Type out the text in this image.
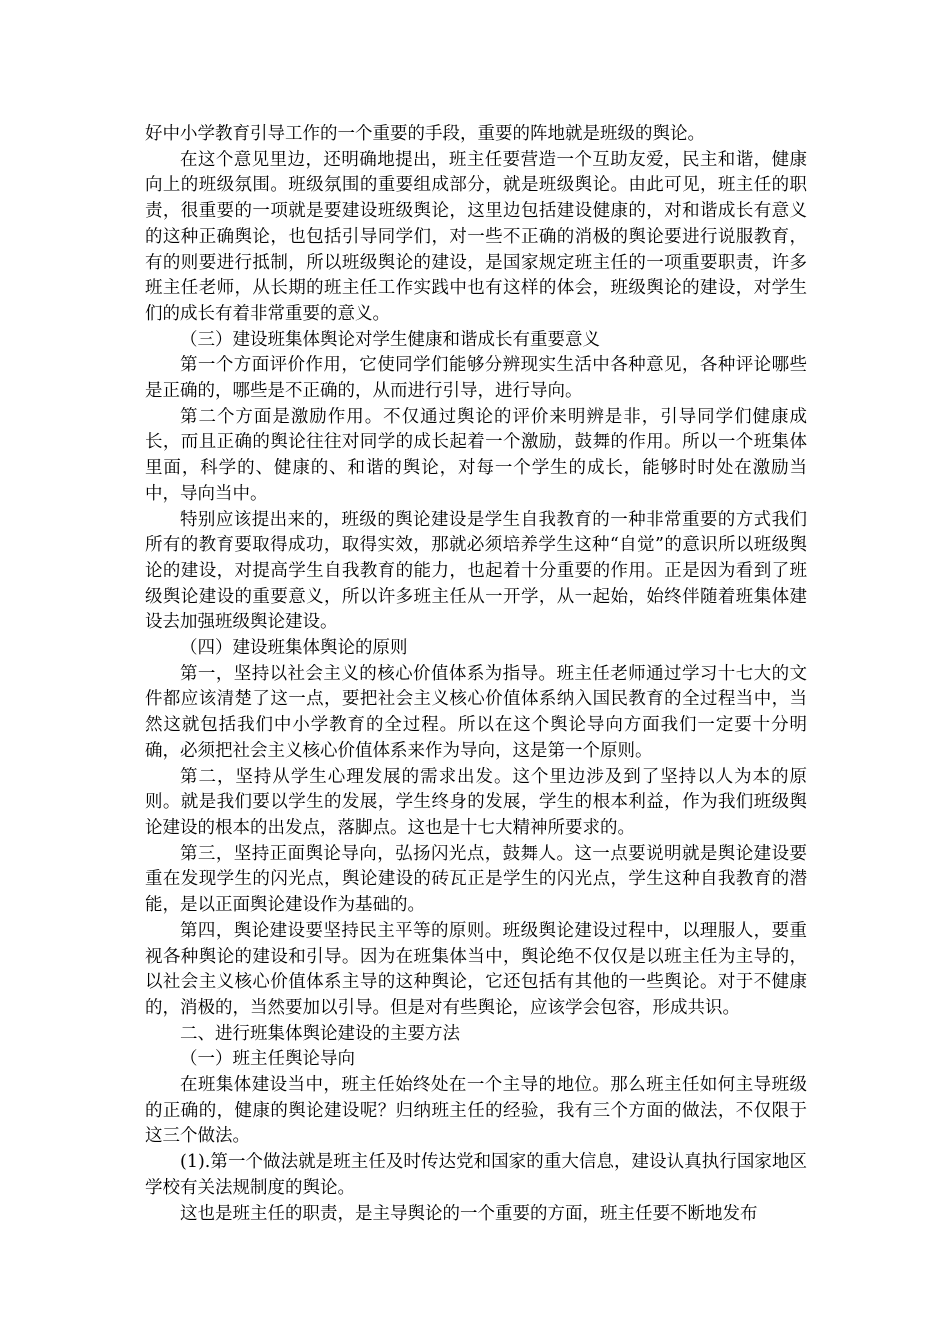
好中小学教育引导工作的一个重要的手段，重要的阵地就是班级的舆论。

在这个意见里边，还明确地提出，班主任要营造一个互助友爱，民主和谐，健康向上的班级氛围。班级氛围的重要组成部分，就是班级舆论。由此可见，班主任的职责，很重要的一项就是要建设班级舆论，这里边包括建设健康的，对和谐成长有意义的这种正确舆论，也包括引导同学们，对一些不正确的消极的舆论要进行说服教育，有的则要进行抵制，所以班级舆论的建设，是国家规定班主任的一项重要职责，许多班主任老师，从长期的班主任工作实践中也有这样的体会，班级舆论的建设，对学生们的成长有着非常重要的意义。

（三）建设班集体舆论对学生健康和谐成长有重要意义

第一个方面评价作用，它使同学们能够分辨现实生活中各种意见，各种评论哪些是正确的，哪些是不正确的，从而进行引导，进行导向。

第二个方面是激励作用。不仅通过舆论的评价来明辨是非，引导同学们健康成长，而且正确的舆论往往对同学的成长起着一个激励，鼓舞的作用。所以一个班集体里面，科学的、健康的、和谐的舆论，对每一个学生的成长，能够时时处在激励当中，导向当中。

特别应该提出来的，班级的舆论建设是学生自我教育的一种非常重要的方式我们所有的教育要取得成功，取得实效，那就必须培养学生这种“自觉”的意识所以班级舆论的建设，对提高学生自我教育的能力，也起着十分重要的作用。正是因为看到了班级舆论建设的重要意义，所以许多班主任从一开学，从一起始，始终伴随着班集体建设去加强班级舆论建设。

（四）建设班集体舆论的原则

第一，坚持以社会主义的核心价值体系为指导。班主任老师通过学习十七大的文件都应该清楚了这一点，要把社会主义核心价值体系纳入国民教育的全过程当中，当然这就包括我们中小学教育的全过程。所以在这个舆论导向方面我们一定要十分明确，必须把社会主义核心价值体系来作为导向，这是第一个原则。

第二，坚持从学生心理发展的需求出发。这个里边涉及到了坚持以人为本的原则。就是我们要以学生的发展，学生终身的发展，学生的根本利益，作为我们班级舆论建设的根本的出发点，落脚点。这也是十七大精神所要求的。

第三，坚持正面舆论导向，弘扬闪光点，鼓舞人。这一点要说明就是舆论建设要重在发现学生的闪光点，舆论建设的砖瓦正是学生的闪光点，学生这种自我教育的潜能，是以正面舆论建设作为基础的。

第四，舆论建设要坚持民主平等的原则。班级舆论建设过程中，以理服人，要重视各种舆论的建设和引导。因为在班集体当中，舆论绝不仅仅是以班主任为主导的，以社会主义核心价值体系主导的这种舆论，它还包括有其他的一些舆论。对于不健康的，消极的，当然要加以引导。但是对有些舆论，应该学会包容，形成共识。

二、进行班集体舆论建设的主要方法

（一）班主任舆论导向

在班集体建设当中，班主任始终处在一个主导的地位。那么班主任如何主导班级的正确的，健康的舆论建设呢？归纳班主任的经验，我有三个方面的做法，不仅限于这三个做法。

(1).第一个做法就是班主任及时传达党和国家的重大信息，建设认真执行国家地区学校有关法规制度的舆论。

这也是班主任的职责，是主导舆论的一个重要的方面，班主任要不断地发布
